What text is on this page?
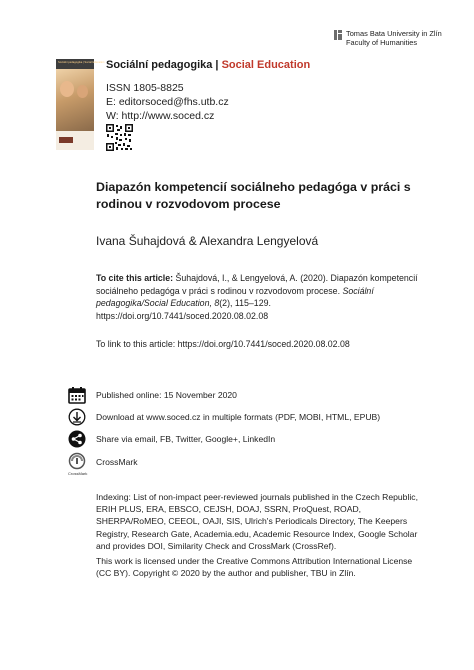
Tomas Bata University in Zlín
Faculty of Humanities
Sociální pedagogika | Social Education Sociální pedagogika | Social Education
ISSN 1805-8825
E: editorsoced@fhs.utb.cz
W: http://www.soced.cz
Diapazón kompetencií sociálneho pedagóga v práci s rodinou v rozvodovom procese
Ivana Šuhajdová & Alexandra Lengyelová
To cite this article: Šuhajdová, I., & Lengyelová, A. (2020). Diapazón kompetencií sociálneho pedagóga v práci s rodinou v rozvodovom procese. Sociální pedagogika/Social Education, 8(2), 115–129.
https://doi.org/10.7441/soced.2020.08.02.08
To link to this article: https://doi.org/10.7441/soced.2020.08.02.08
Published online: 15 November 2020
Download at www.soced.cz in multiple formats (PDF, MOBI, HTML, EPUB)
Share via email, FB, Twitter, Google+, LinkedIn
CrossMark
CrossMark
Indexing: List of non-impact peer-reviewed journals published in the Czech Republic, ERIH PLUS, ERA, EBSCO, CEJSH, DOAJ, SSRN, ProQuest, ROAD, SHERPA/RoMEO, CEEOL, OAJI, SIS, Ulrich's Periodicals Directory, The Keepers Registry, Research Gate, Academia.edu, Academic Resource Index, Google Scholar and provides DOI, Similarity Check and CrossMark (CrossRef).
This work is licensed under the Creative Commons Attribution International License (CC BY). Copyright © 2020 by the author and publisher, TBU in Zlín.
